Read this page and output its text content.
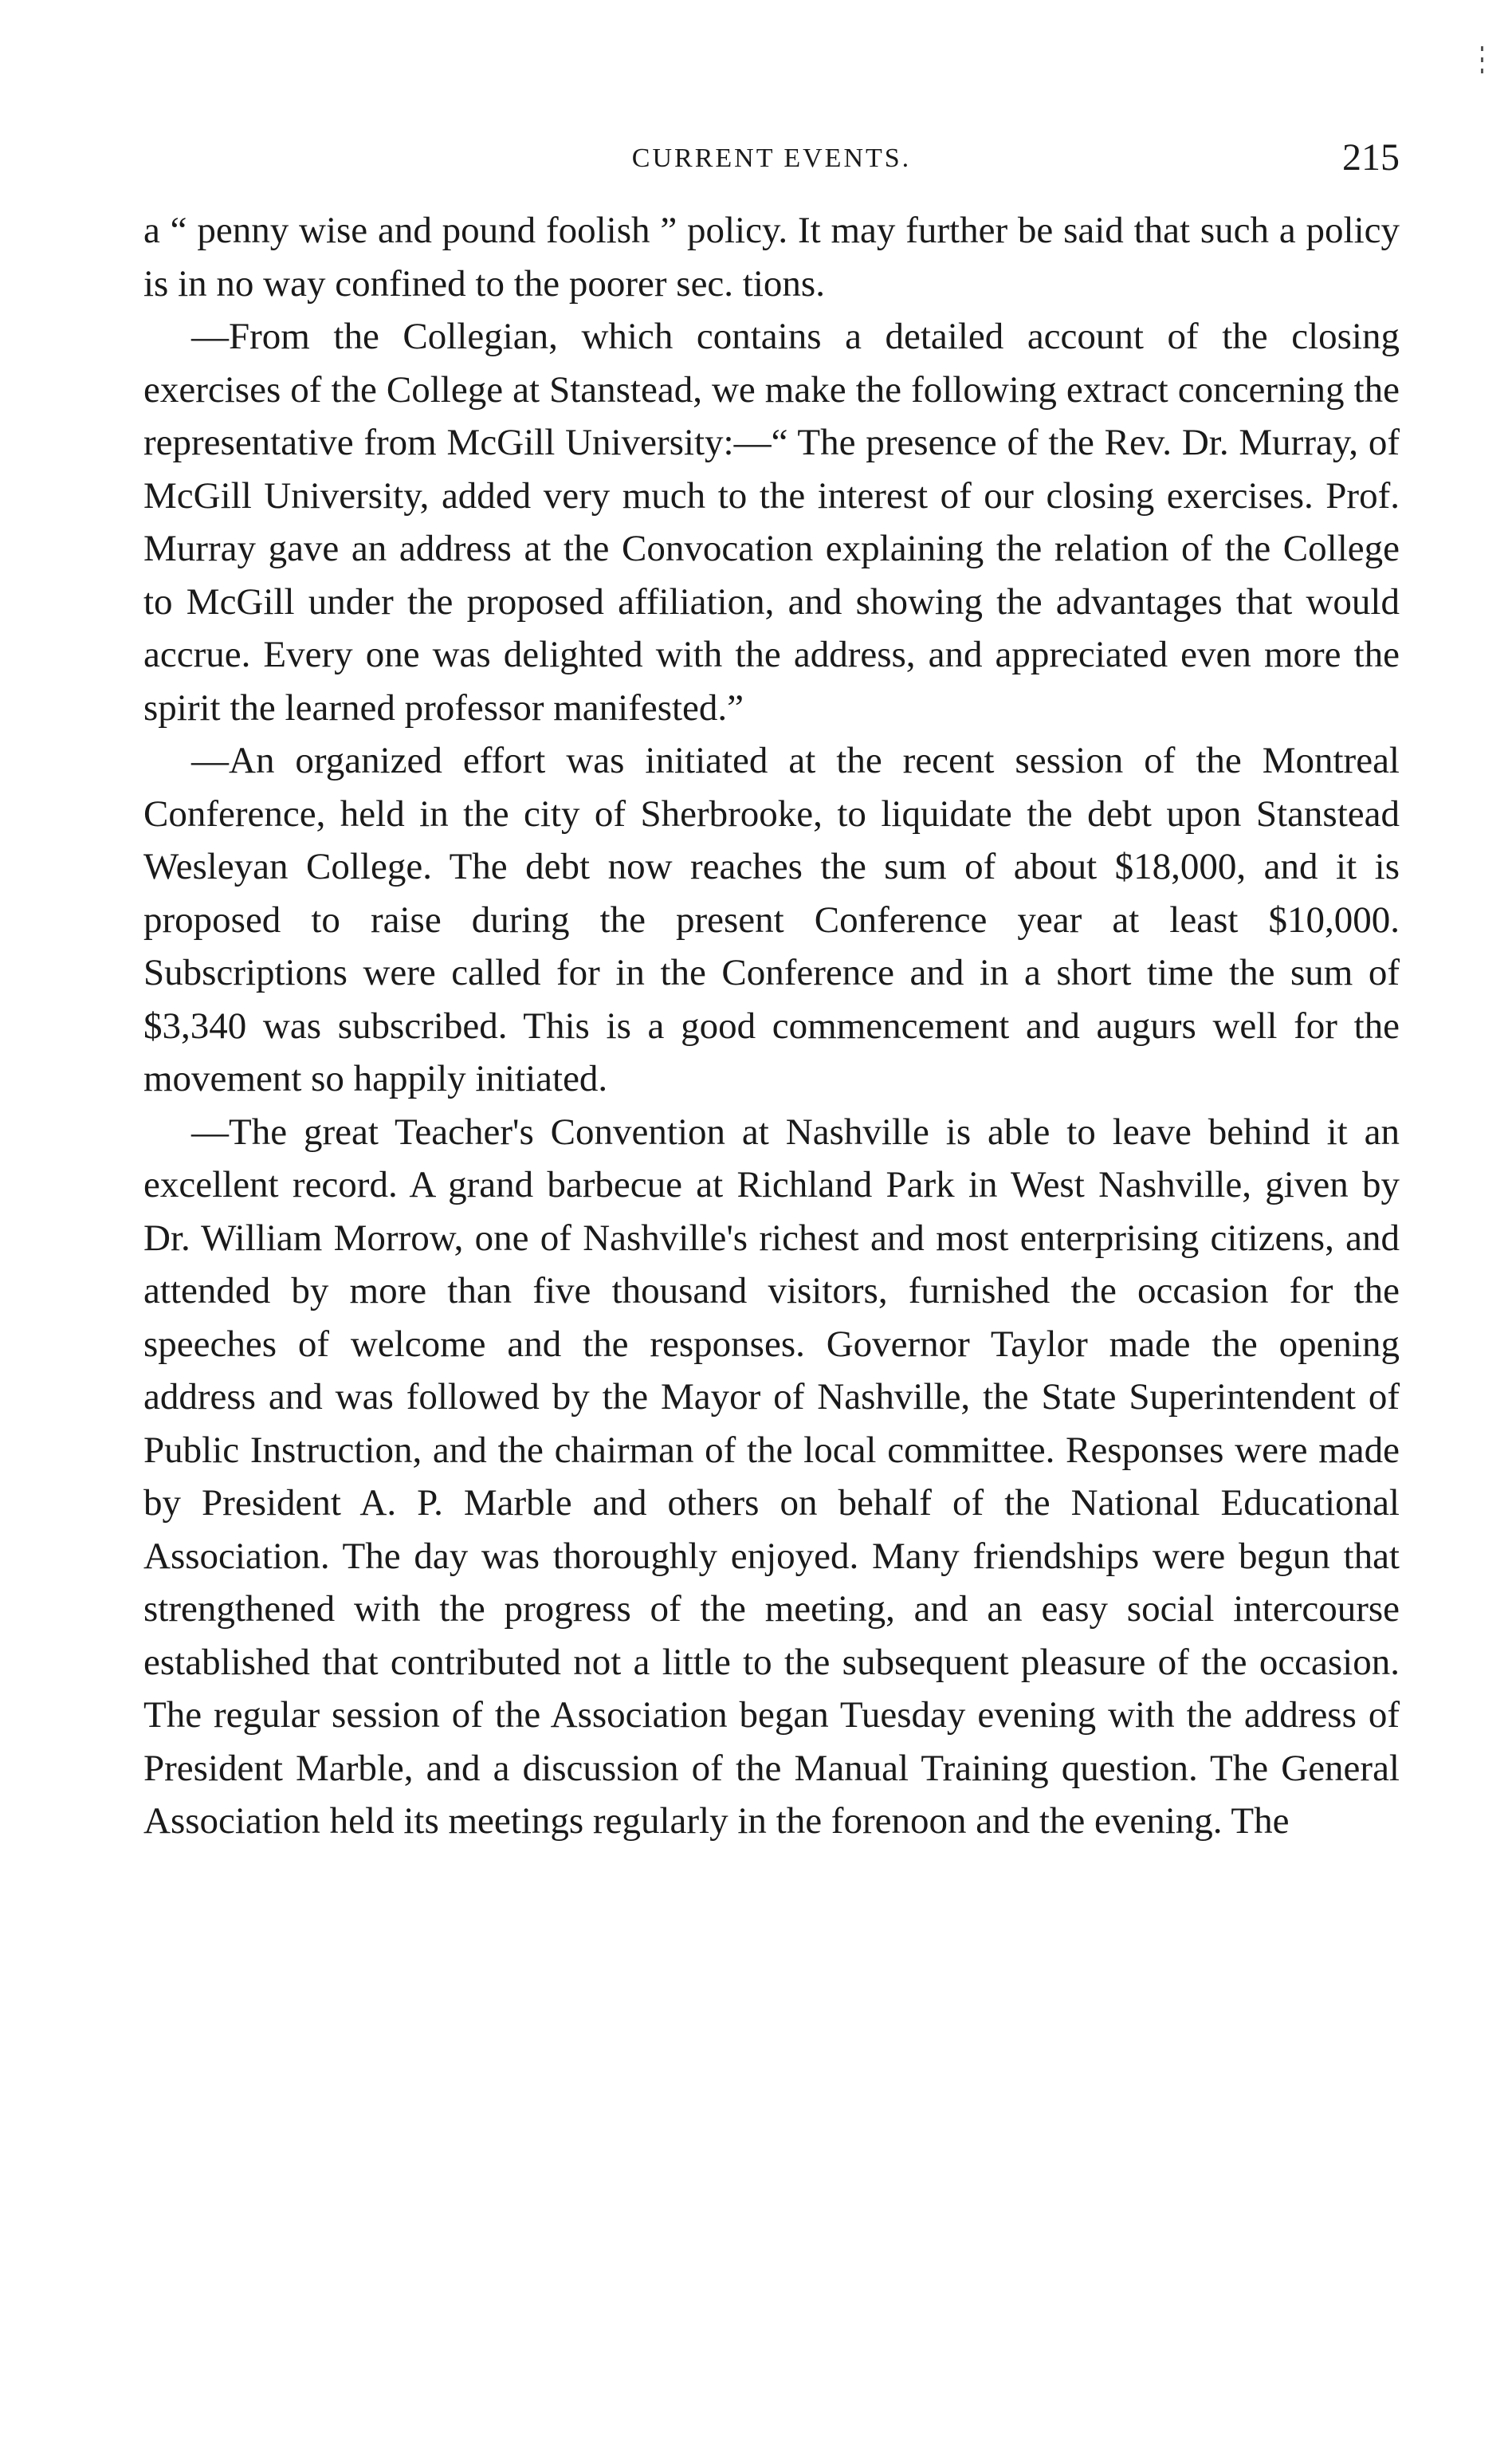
CURRENT EVENTS.	215

a “ penny wise and pound foolish ” policy. It may further be said that such a policy is in no way confined to the poorer sec. tions.

—From the Collegian, which contains a detailed account of the closing exercises of the College at Stanstead, we make the following extract concerning the representative from McGill University:—“ The presence of the Rev. Dr. Murray, of McGill University, added very much to the interest of our closing exercises. Prof. Murray gave an address at the Convocation explaining the relation of the College to McGill under the proposed affiliation, and showing the advantages that would accrue. Every one was delighted with the address, and appreciated even more the spirit the learned professor manifested.”

—An organized effort was initiated at the recent session of the Montreal Conference, held in the city of Sherbrooke, to liquidate the debt upon Stanstead Wesleyan College. The debt now reaches the sum of about $18,000, and it is proposed to raise during the present Conference year at least $10,000. Subscriptions were called for in the Conference and in a short time the sum of $3,340 was subscribed. This is a good commencement and augurs well for the movement so happily initiated.

—The great Teacher's Convention at Nashville is able to leave behind it an excellent record. A grand barbecue at Richland Park in West Nashville, given by Dr. William Morrow, one of Nashville's richest and most enterprising citizens, and attended by more than five thousand visitors, furnished the occasion for the speeches of welcome and the responses. Governor Taylor made the opening address and was followed by the Mayor of Nashville, the State Superintendent of Public Instruction, and the chairman of the local committee. Responses were made by President A. P. Marble and others on behalf of the National Educational Association. The day was thoroughly enjoyed. Many friendships were begun that strengthened with the progress of the meeting, and an easy social intercourse established that contributed not a little to the subsequent pleasure of the occasion. The regular session of the Association began Tuesday evening with the address of President Marble, and a discussion of the Manual Training question. The General Association held its meetings regularly in the forenoon and the evening. The
